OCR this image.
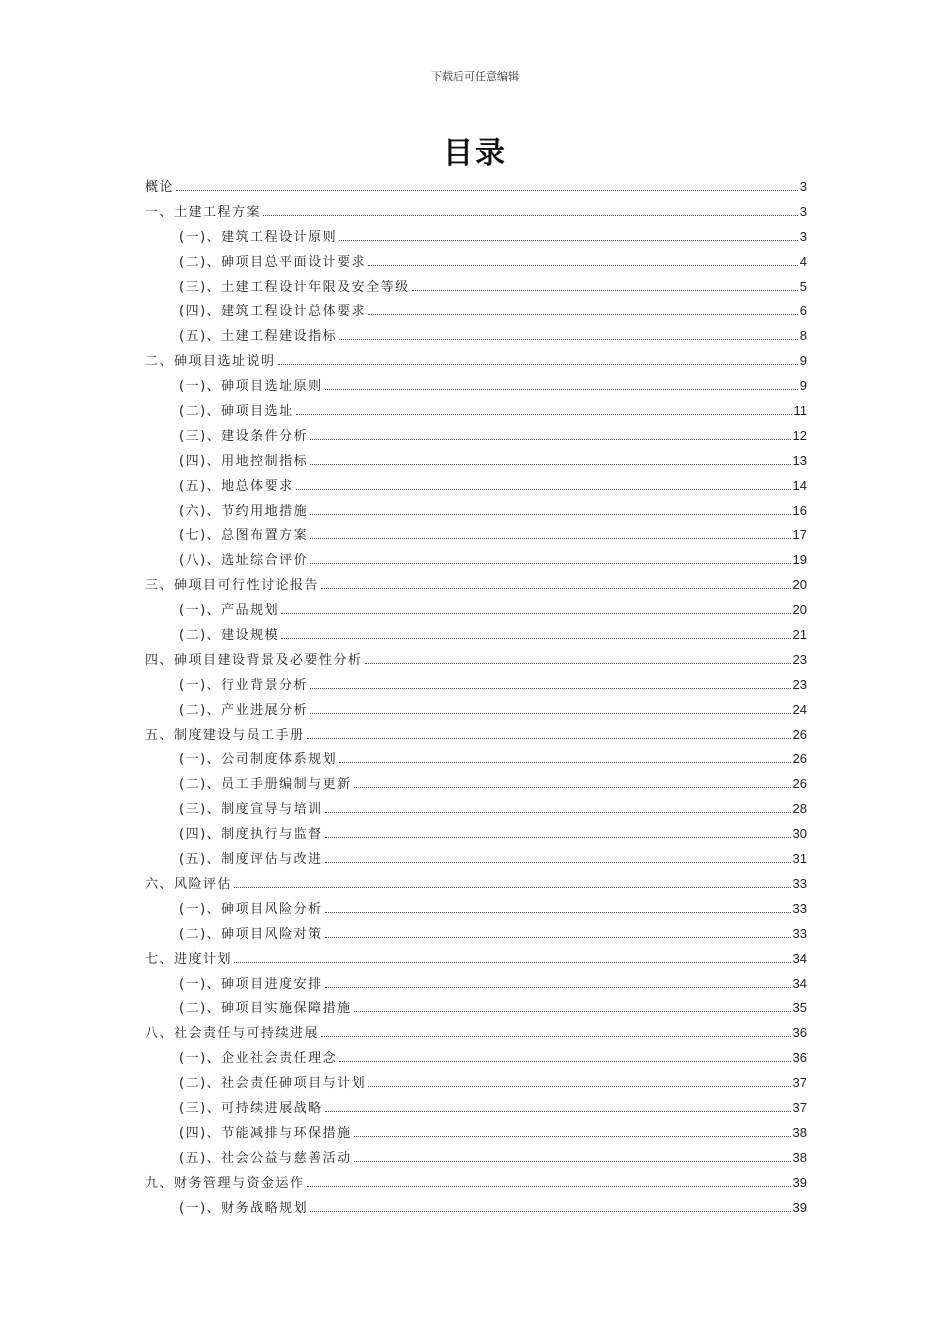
下载后可任意编辑
目录
概论	3
一、土建工程方案	3
(一)、建筑工程设计原则	3
(二)、砷项目总平面设计要求	4
(三)、土建工程设计年限及安全等级	5
(四)、建筑工程设计总体要求	6
(五)、土建工程建设指标	8
二、砷项目选址说明	9
(一)、砷项目选址原则	9
(二)、砷项目选址	11
(三)、建设条件分析	12
(四)、用地控制指标	13
(五)、地总体要求	14
(六)、节约用地措施	16
(七)、总图布置方案	17
(八)、选址综合评价	19
三、砷项目可行性讨论报告	20
(一)、产品规划	20
(二)、建设规模	21
四、砷项目建设背景及必要性分析	23
(一)、行业背景分析	23
(二)、产业进展分析	24
五、制度建设与员工手册	26
(一)、公司制度体系规划	26
(二)、员工手册编制与更新	26
(三)、制度宣导与培训	28
(四)、制度执行与监督	30
(五)、制度评估与改进	31
六、风险评估	33
(一)、砷项目风险分析	33
(二)、砷项目风险对策	33
七、进度计划	34
(一)、砷项目进度安排	34
(二)、砷项目实施保障措施	35
八、社会责任与可持续进展	36
(一)、企业社会责任理念	36
(二)、社会责任砷项目与计划	37
(三)、可持续进展战略	37
(四)、节能减排与环保措施	38
(五)、社会公益与慈善活动	38
九、财务管理与资金运作	39
(一)、财务战略规划	39
